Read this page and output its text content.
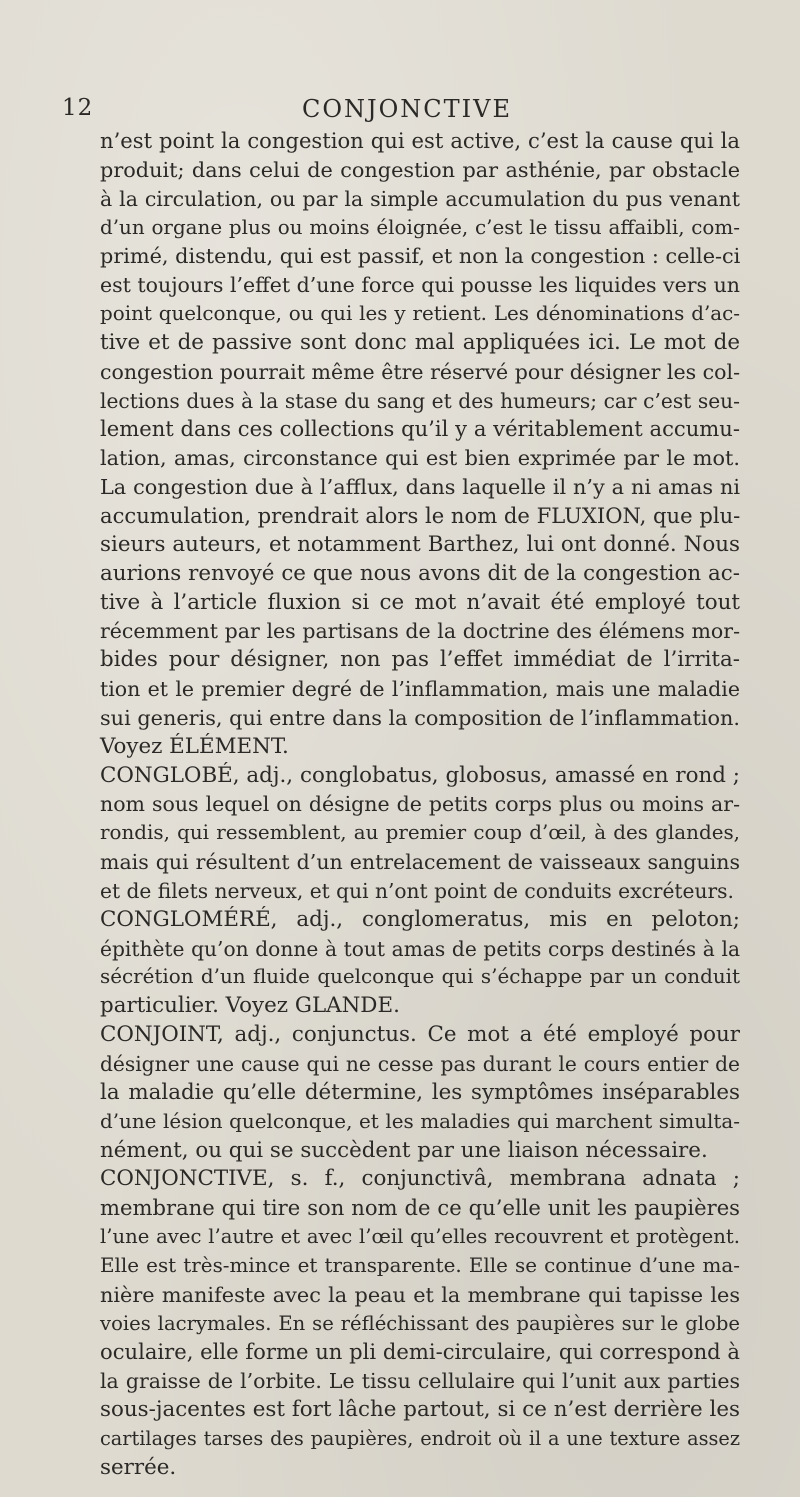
12	CONJONCTIVE
n’est point la congestion qui est active, c’est la cause qui la
produit; dans celui de congestion par asthénie, par obstacle
à la circulation, ou par la simple accumulation du pus venant
d’un organe plus ou moins éloignée, c’est le tissu affaibli, com-
primé, distendu, qui est passif, et non la congestion : celle-ci
est toujours l’effet d’une force qui pousse les liquides vers un
point quelconque, ou qui les y retient. Les dénominations d’ac-
tive et de passive sont donc mal appliquées ici. Le mot de
congestion pourrait même être réservé pour désigner les col-
lections dues à la stase du sang et des humeurs; car c’est seu-
lement dans ces collections qu’il y a véritablement accumu-
lation, amas, circonstance qui est bien exprimée par le mot.
La congestion due à l’afflux, dans laquelle il n’y a ni amas ni
accumulation, prendrait alors le nom de FLUXION, que plu-
sieurs auteurs, et notamment Barthez, lui ont donné. Nous
aurions renvoyé ce que nous avons dit de la congestion ac-
tive à l’article fluxion si ce mot n’avait été employé tout
récemment par les partisans de la doctrine des élémens mor-
bides pour désigner, non pas l’effet immédiat de l’irrita-
tion et le premier degré de l’inflammation, mais une maladie
sui generis, qui entre dans la composition de l’inflammation.
Voyez ÉLÉMENT.
CONGLOBÉ, adj., conglobatus, globosus, amassé en rond ;
nom sous lequel on désigne de petits corps plus ou moins ar-
rondis, qui ressemblent, au premier coup d’œil, à des glandes,
mais qui résultent d’un entrelacement de vaisseaux sanguins
et de filets nerveux, et qui n’ont point de conduits excréteurs.
CONGLOMÉRÉ, adj., conglomeratus, mis en peloton;
épithète qu’on donne à tout amas de petits corps destinés à la
sécrétion d’un fluide quelconque qui s’échappe par un conduit
particulier. Voyez GLANDE.
CONJOINT, adj., conjunctus. Ce mot a été employé pour
désigner une cause qui ne cesse pas durant le cours entier de
la maladie qu’elle détermine, les symptômes inséparables
d’une lésion quelconque, et les maladies qui marchent simulta-
nément, ou qui se succèdent par une liaison nécessaire.
CONJONCTIVE, s. f., conjunctivâ, membrana adnata ;
membrane qui tire son nom de ce qu’elle unit les paupières
l’une avec l’autre et avec l’œil qu’elles recouvrent et protègent.
Elle est très-mince et transparente. Elle se continue d’une ma-
nière manifeste avec la peau et la membrane qui tapisse les
voies lacrymales. En se réfléchissant des paupières sur le globe
oculaire, elle forme un pli demi-circulaire, qui correspond à
la graisse de l’orbite. Le tissu cellulaire qui l’unit aux parties
sous-jacentes est fort lâche partout, si ce n’est derrière les
cartilages tarses des paupières, endroit où il a une texture assez
serrée.
